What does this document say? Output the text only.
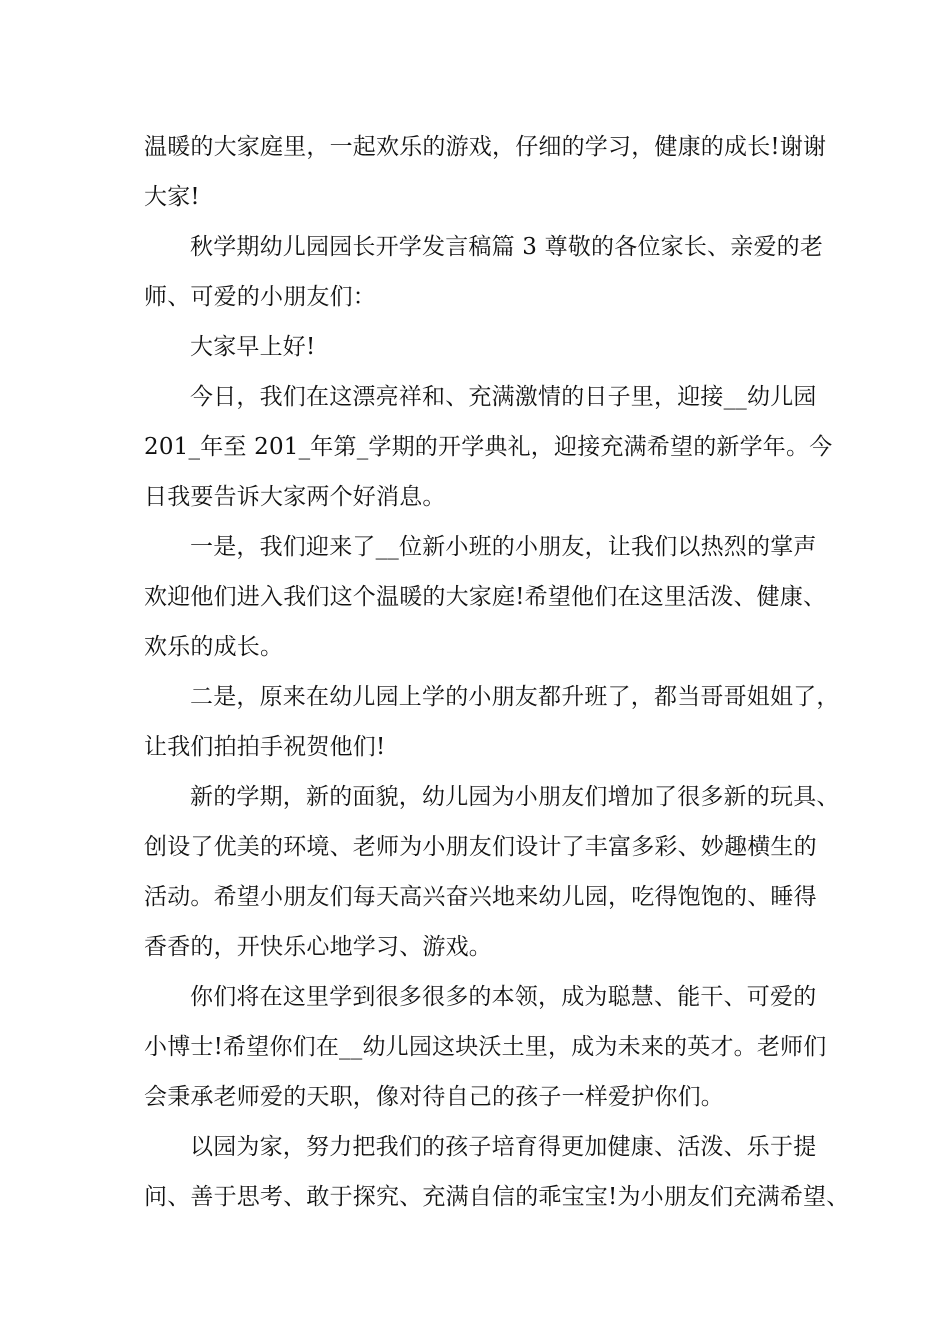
温暖的大家庭里，一起欢乐的游戏，仔细的学习，健康的成长!谢谢
大家!

秋学期幼儿园园长开学发言稿篇 3 尊敬的各位家长、亲爱的老
师、可爱的小朋友们：

大家早上好!

今日，我们在这漂亮祥和、充满激情的日子里，迎接__幼儿园
201_年至 201_年第_学期的开学典礼，迎接充满希望的新学年。今
日我要告诉大家两个好消息。

一是，我们迎来了__位新小班的小朋友，让我们以热烈的掌声
欢迎他们进入我们这个温暖的大家庭!希望他们在这里活泼、健康、
欢乐的成长。

二是，原来在幼儿园上学的小朋友都升班了，都当哥哥姐姐了，
让我们拍拍手祝贺他们!

新的学期，新的面貌，幼儿园为小朋友们增加了很多新的玩具、
创设了优美的环境、老师为小朋友们设计了丰富多彩、妙趣横生的
活动。希望小朋友们每天高兴奋兴地来幼儿园，吃得饱饱的、睡得
香香的，开快乐心地学习、游戏。

你们将在这里学到很多很多的本领，成为聪慧、能干、可爱的
小博士!希望你们在__幼儿园这块沃土里，成为未来的英才。老师们
会秉承老师爱的天职，像对待自己的孩子一样爱护你们。

以园为家，努力把我们的孩子培育得更加健康、活泼、乐于提
问、善于思考、敢于探究、充满自信的乖宝宝!为小朋友们充满希望、
